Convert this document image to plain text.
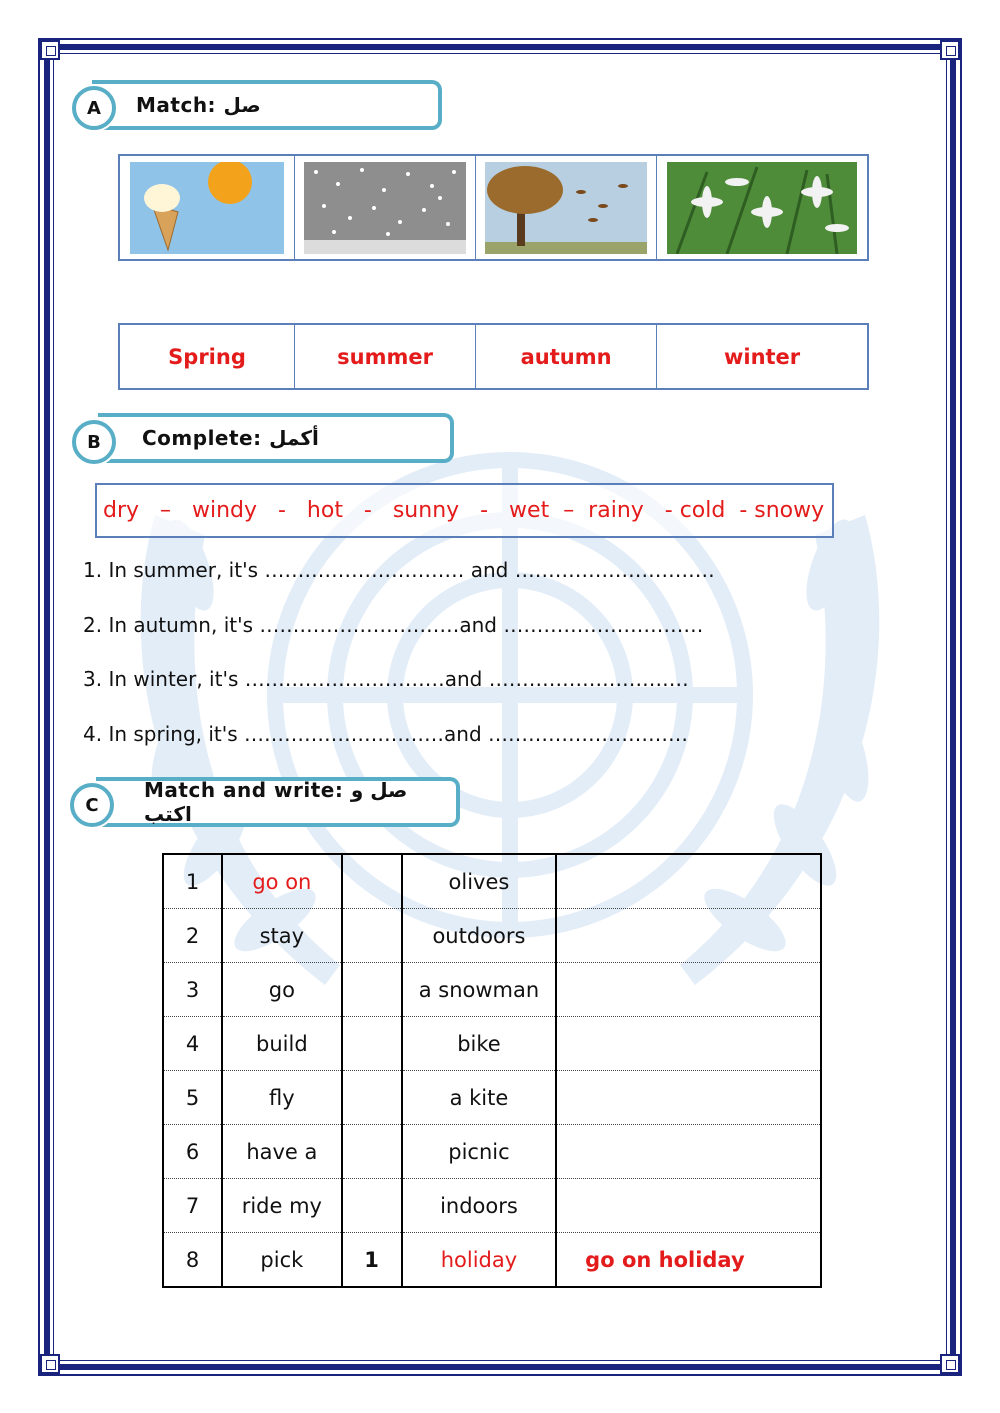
Match: صل
A
Spring	summer	autumn	winter
Complete: أكمل
B
dry   –   windy   -   hot   -   sunny   -   wet  –  rainy   - cold  - snowy
1. In summer, it's ………………………… and …………………………
2. In autumn, it's …………………………and …………………………
3. In winter, it's …………………………and …………………………
4. In spring, it's …………………………and …………………………
Match and write: صل و اكتب
C
1	go on		olives	
2	stay		outdoors	
3	go		a snowman	
4	build		bike	
5	fly		a kite	
6	have a		picnic	
7	ride my		indoors	
8	pick	1	holiday	go on holiday
